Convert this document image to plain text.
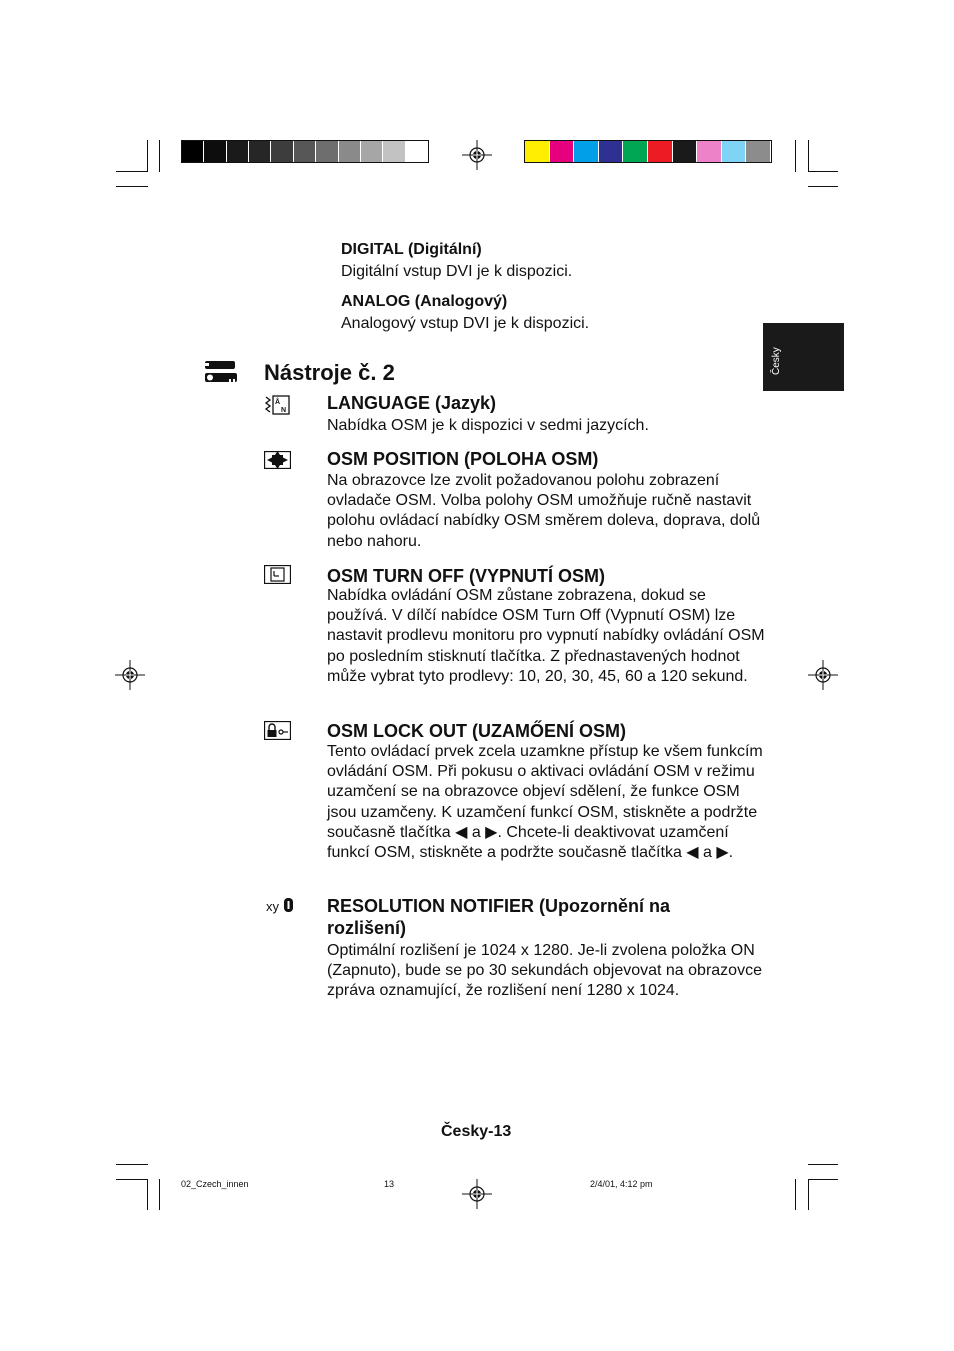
Česky
DIGITAL (Digitální)
Digitální vstup DVI je k dispozici.
ANALOG (Analogový)
Analogový vstup DVI je k dispozici.
Nástroje č. 2
Å
N LANGUAGE (Jazyk)
Nabídka OSM je k dispozici v sedmi jazycích.
OSM POSITION (POLOHA OSM)
Na obrazovce lze zvolit požadovanou polohu zobrazení ovladače OSM. Volba polohy OSM umožňuje ručně nastavit polohu ovládací nabídky OSM směrem doleva, doprava, dolů nebo nahoru.
OSM TURN OFF (VYPNUTÍ OSM)
Nabídka ovládání OSM zůstane zobrazena, dokud se používá. V dílčí nabídce OSM Turn Off (Vypnutí OSM) lze nastavit prodlevu monitoru pro vypnutí nabídky ovládání OSM po posledním stisknutí tlačítka. Z přednastavených hodnot může vybrat tyto prodlevy: 10, 20, 30, 45, 60 a 120 sekund.
OSM LOCK OUT (UZAMŐENÍ OSM)
Tento ovládací prvek zcela uzamkne přístup ke všem funkcím ovládání OSM. Při pokusu o aktivaci ovládání OSM v režimu uzamčení se na obrazovce objeví sdělení, že funkce OSM jsou uzamčeny. K uzamčení funkcí OSM, stiskněte a podržte současně tlačítka ◀ a ▶. Chcete-li deaktivovat uzamčení funkcí OSM, stiskněte a podržte současně tlačítka ◀ a ▶.
xy	RESOLUTION NOTIFIER (Upozornění na rozlišení)
Optimální rozlišení je 1024 x 1280. Je-li zvolena položka ON (Zapnuto), bude se po 30 sekundách objevovat na obrazovce zpráva oznamující, že rozlišení není 1280 x 1024.
Česky-13
02_Czech_innen	13	2/4/01, 4:12 pm
